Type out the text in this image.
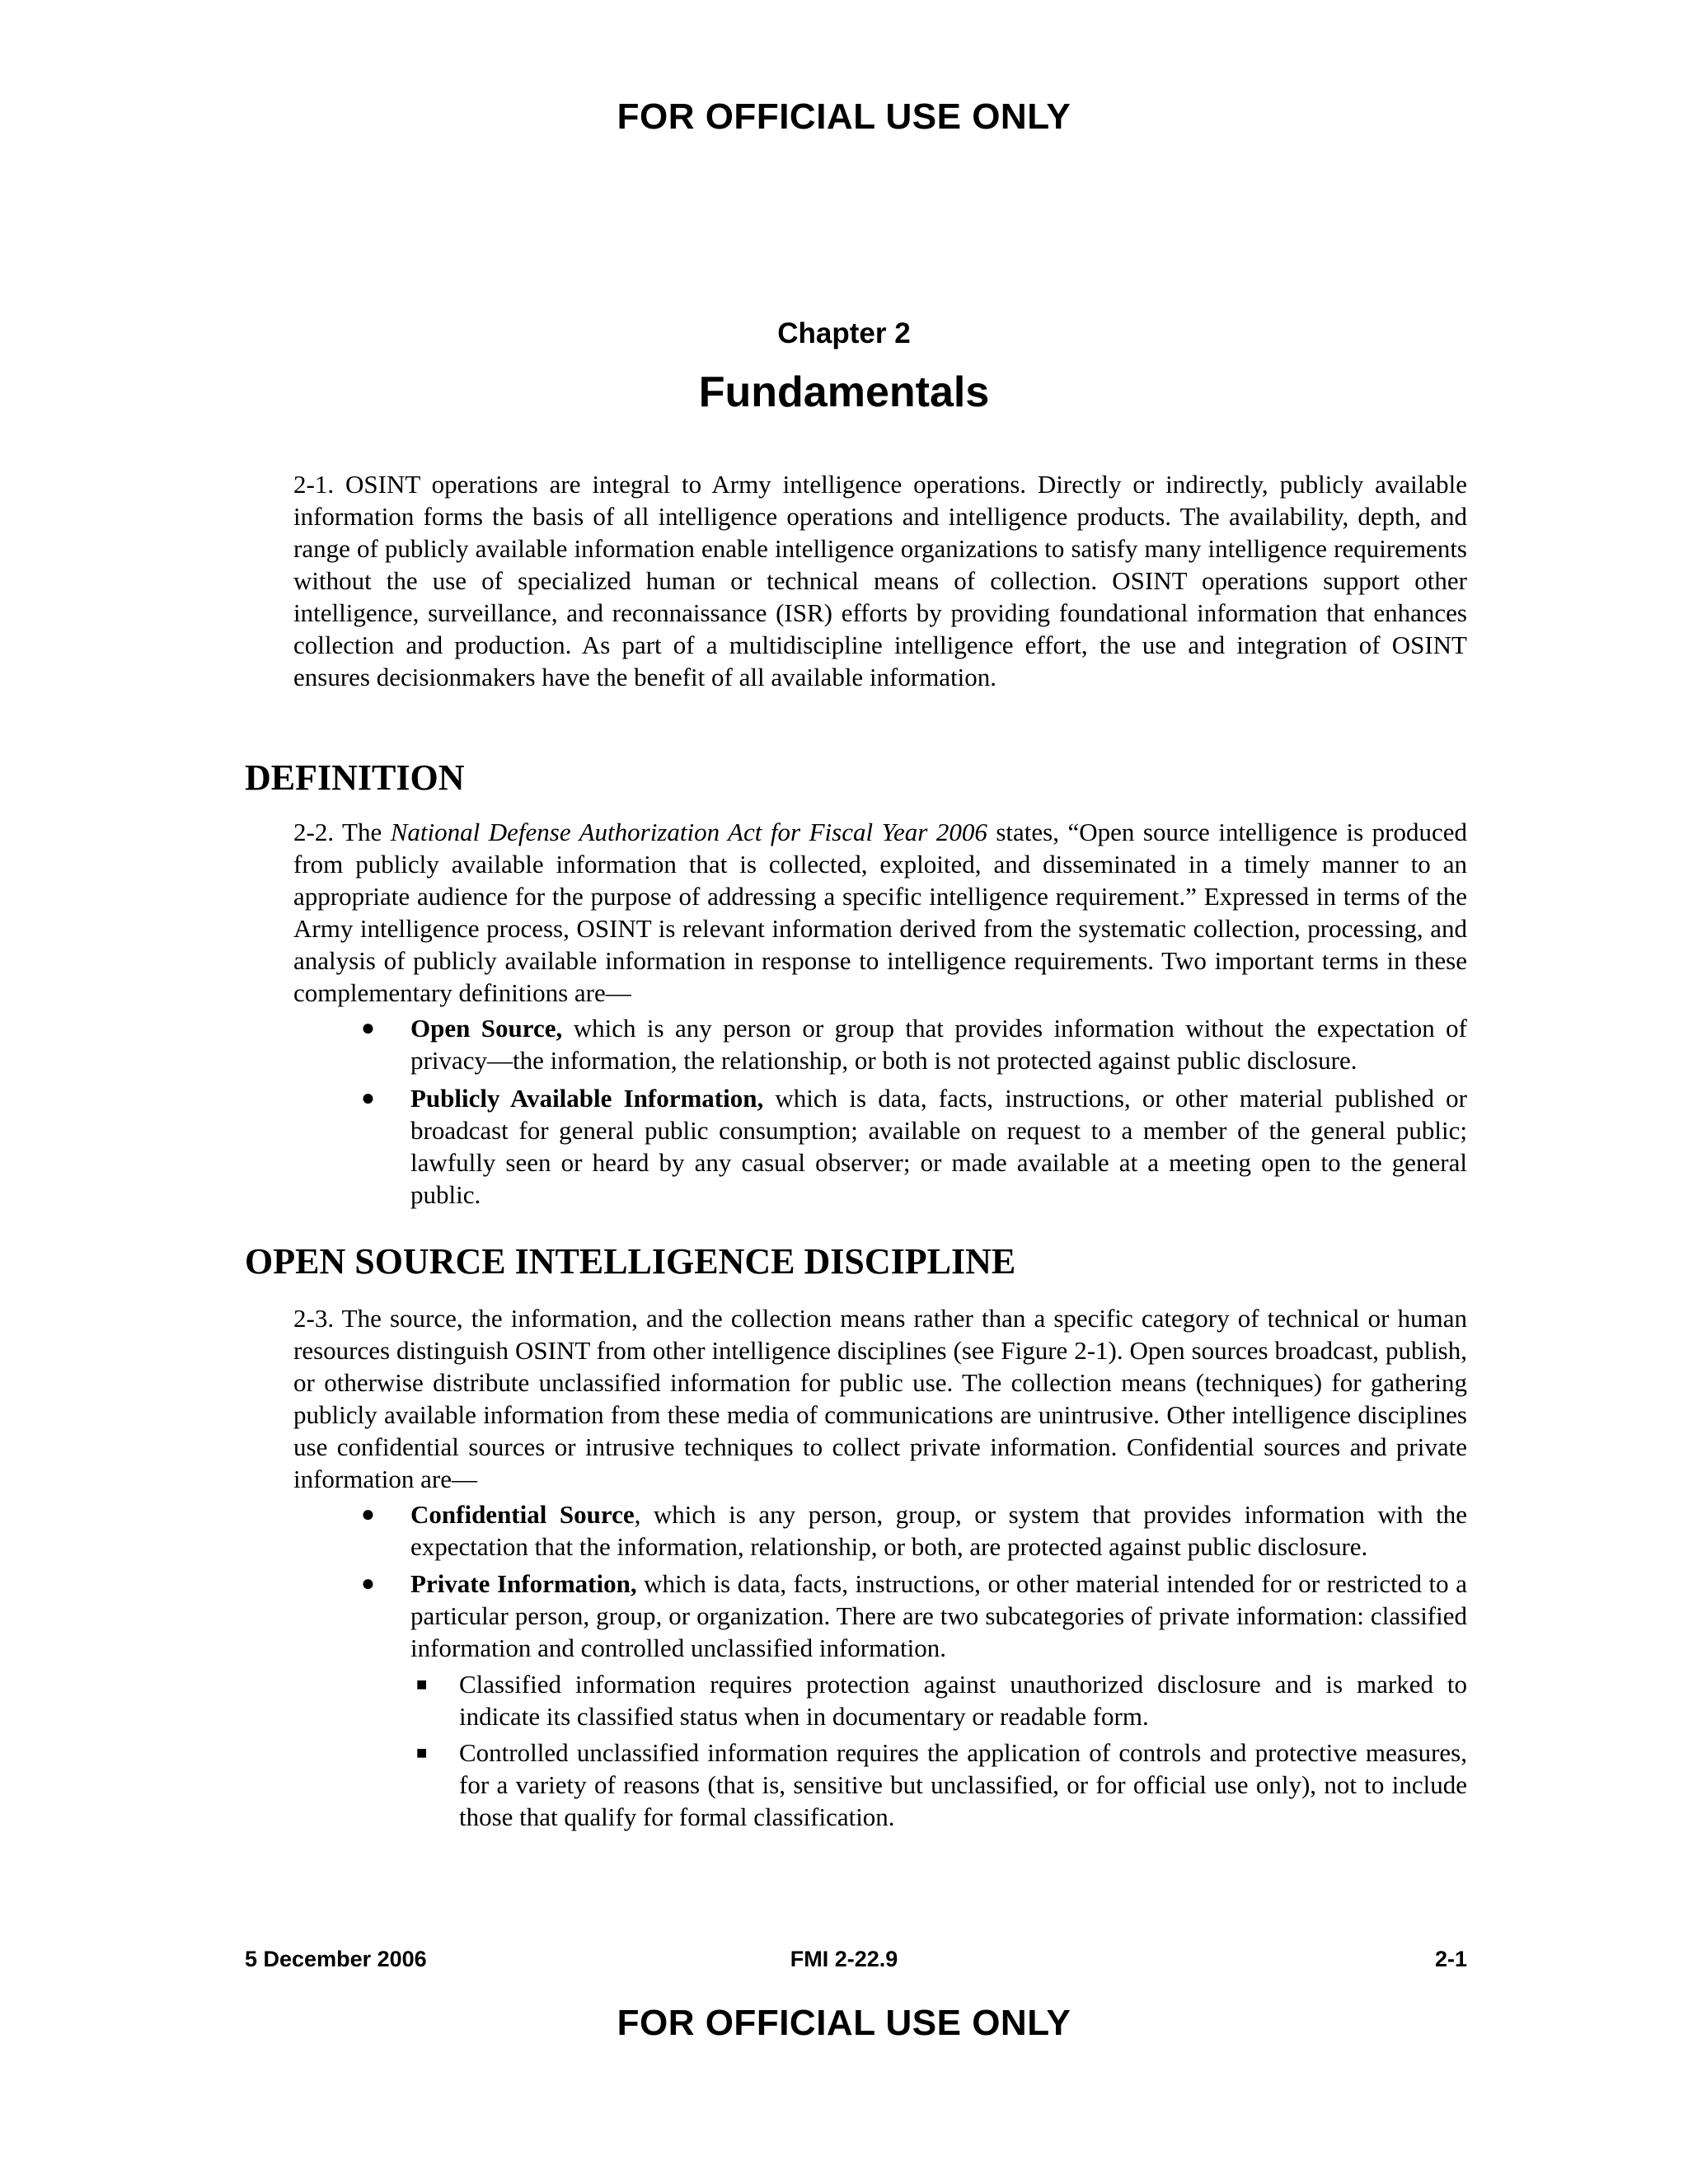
FOR OFFICIAL USE ONLY
Chapter 2
Fundamentals

2-1. OSINT operations are integral to Army intelligence operations. Directly or indirectly, publicly available information forms the basis of all intelligence operations and intelligence products. The availability, depth, and range of publicly available information enable intelligence organizations to satisfy many intelligence requirements without the use of specialized human or technical means of collection. OSINT operations support other intelligence, surveillance, and reconnaissance (ISR) efforts by providing foundational information that enhances collection and production. As part of a multidiscipline intelligence effort, the use and integration of OSINT ensures decisionmakers have the benefit of all available information.

DEFINITION

2-2. The National Defense Authorization Act for Fiscal Year 2006 states, “Open source intelligence is produced from publicly available information that is collected, exploited, and disseminated in a timely manner to an appropriate audience for the purpose of addressing a specific intelligence requirement.” Expressed in terms of the Army intelligence process, OSINT is relevant information derived from the systematic collection, processing, and analysis of publicly available information in response to intelligence requirements. Two important terms in these complementary definitions are—

● Open Source, which is any person or group that provides information without the expectation of privacy—the information, the relationship, or both is not protected against public disclosure.
● Publicly Available Information, which is data, facts, instructions, or other material published or broadcast for general public consumption; available on request to a member of the general public; lawfully seen or heard by any casual observer; or made available at a meeting open to the general public.
OPEN SOURCE INTELLIGENCE DISCIPLINE

2-3. The source, the information, and the collection means rather than a specific category of technical or human resources distinguish OSINT from other intelligence disciplines (see Figure 2-1). Open sources broadcast, publish, or otherwise distribute unclassified information for public use. The collection means (techniques) for gathering publicly available information from these media of communications are unintrusive. Other intelligence disciplines use confidential sources or intrusive techniques to collect private information. Confidential sources and private information are—

● Confidential Source, which is any person, group, or system that provides information with the expectation that the information, relationship, or both, are protected against public disclosure.
● Private Information, which is data, facts, instructions, or other material intended for or restricted to a particular person, group, or organization. There are two subcategories of private information: classified information and controlled unclassified information.
■ Classified information requires protection against unauthorized disclosure and is marked to indicate its classified status when in documentary or readable form.
■ Controlled unclassified information requires the application of controls and protective measures, for a variety of reasons (that is, sensitive but unclassified, or for official use only), not to include those that qualify for formal classification.
5 December 2006	FMI 2-22.9	2-1
FOR OFFICIAL USE ONLY
